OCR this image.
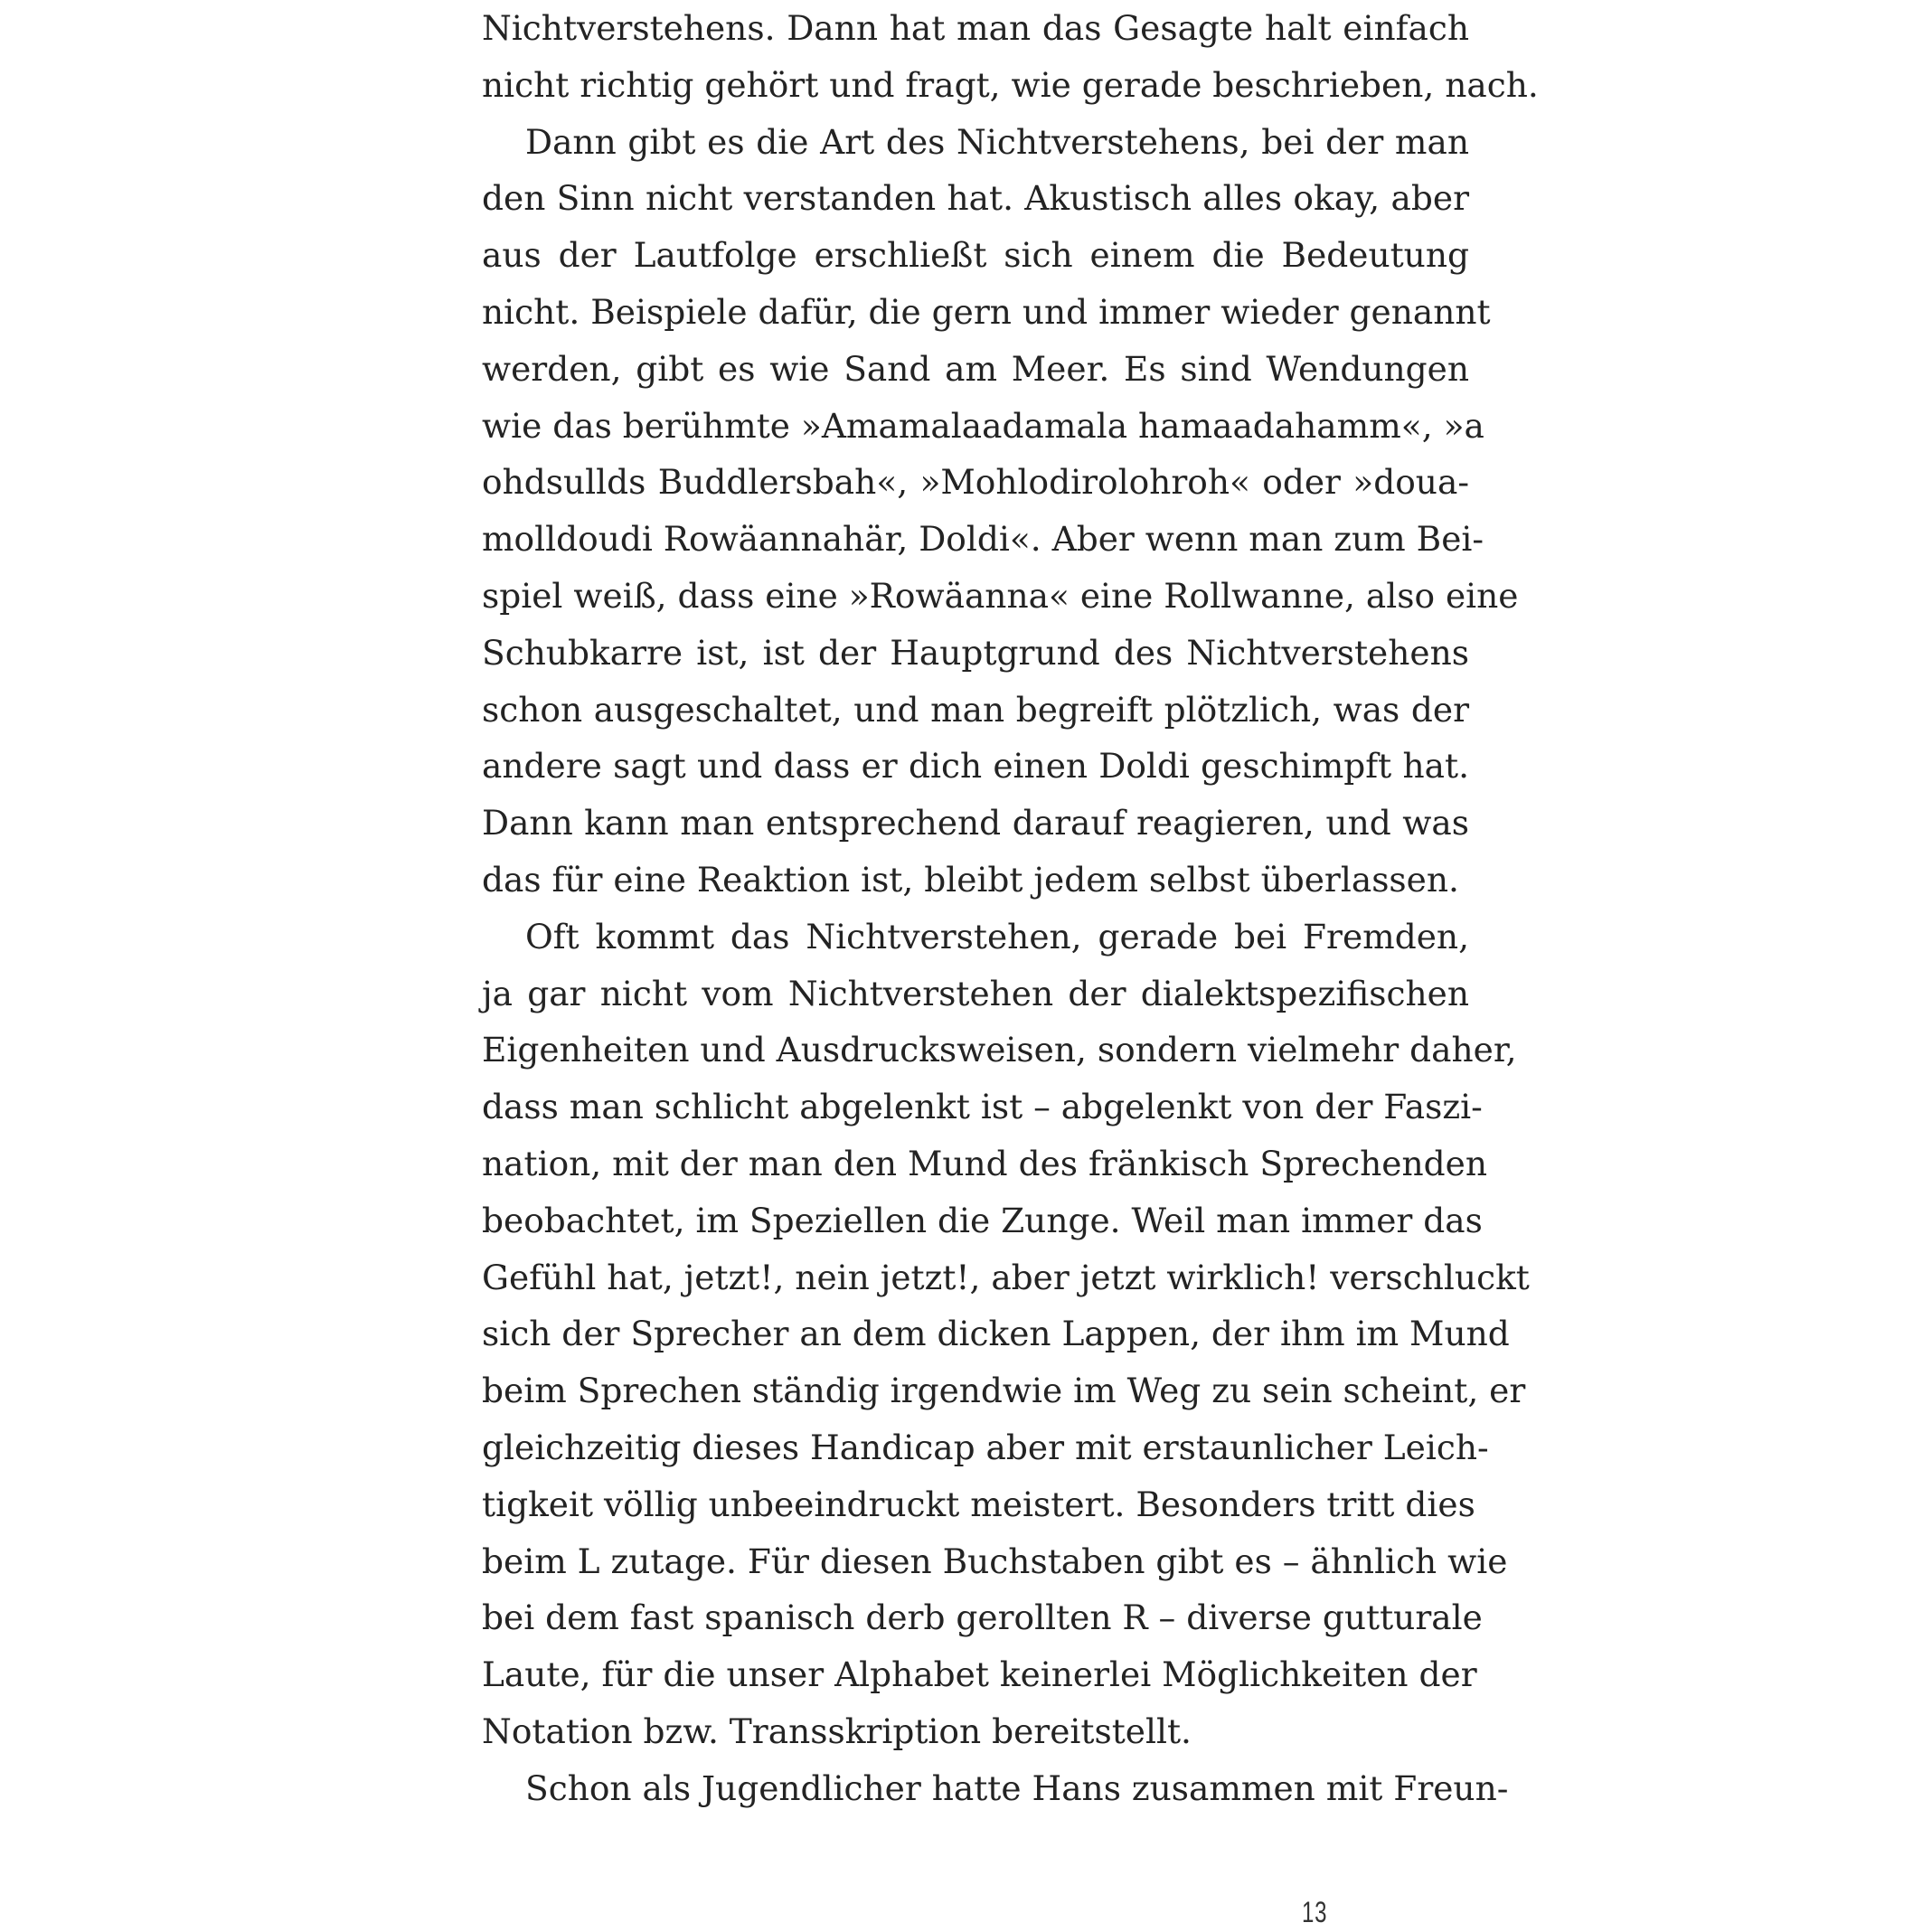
Nichtverstehens. Dann hat man das Gesagte halt einfach
nicht richtig gehört und fragt, wie gerade beschrieben, nach.
Dann gibt es die Art des Nichtverstehens, bei der man
den Sinn nicht verstanden hat. Akustisch alles okay, aber
aus der Lautfolge erschließt sich einem die Bedeutung
nicht. Beispiele dafür, die gern und immer wieder genannt
werden, gibt es wie Sand am Meer. Es sind Wendungen
wie das berühmte »Amamalaadamala hamaadahamm«, »a
ohdsullds Buddlersbah«, »Mohlodirolohroh« oder »doua-
molldoudi Rowäannahär, Doldi«. Aber wenn man zum Bei-
spiel weiß, dass eine »Rowäanna« eine Rollwanne, also eine
Schubkarre ist, ist der Hauptgrund des Nichtverstehens
schon ausgeschaltet, und man begreift plötzlich, was der
andere sagt und dass er dich einen Doldi geschimpft hat.
Dann kann man entsprechend darauf reagieren, und was
das für eine Reaktion ist, bleibt jedem selbst überlassen.
Oft kommt das Nichtverstehen, gerade bei Fremden,
ja gar nicht vom Nichtverstehen der dialektspezifischen
Eigenheiten und Ausdrucksweisen, sondern vielmehr daher,
dass man schlicht abgelenkt ist – abgelenkt von der Faszi-
nation, mit der man den Mund des fränkisch Sprechenden
beobachtet, im Speziellen die Zunge. Weil man immer das
Gefühl hat, jetzt!, nein jetzt!, aber jetzt wirklich! verschluckt
sich der Sprecher an dem dicken Lappen, der ihm im Mund
beim Sprechen ständig irgendwie im Weg zu sein scheint, er
gleichzeitig dieses Handicap aber mit erstaunlicher Leich-
tigkeit völlig unbeeindruckt meistert. Besonders tritt dies
beim L zutage. Für diesen Buchstaben gibt es – ähnlich wie
bei dem fast spanisch derb gerollten R – diverse gutturale
Laute, für die unser Alphabet keinerlei Möglichkeiten der
Notation bzw. Transskription bereitstellt.
Schon als Jugendlicher hatte Hans zusammen mit Freun-
13
